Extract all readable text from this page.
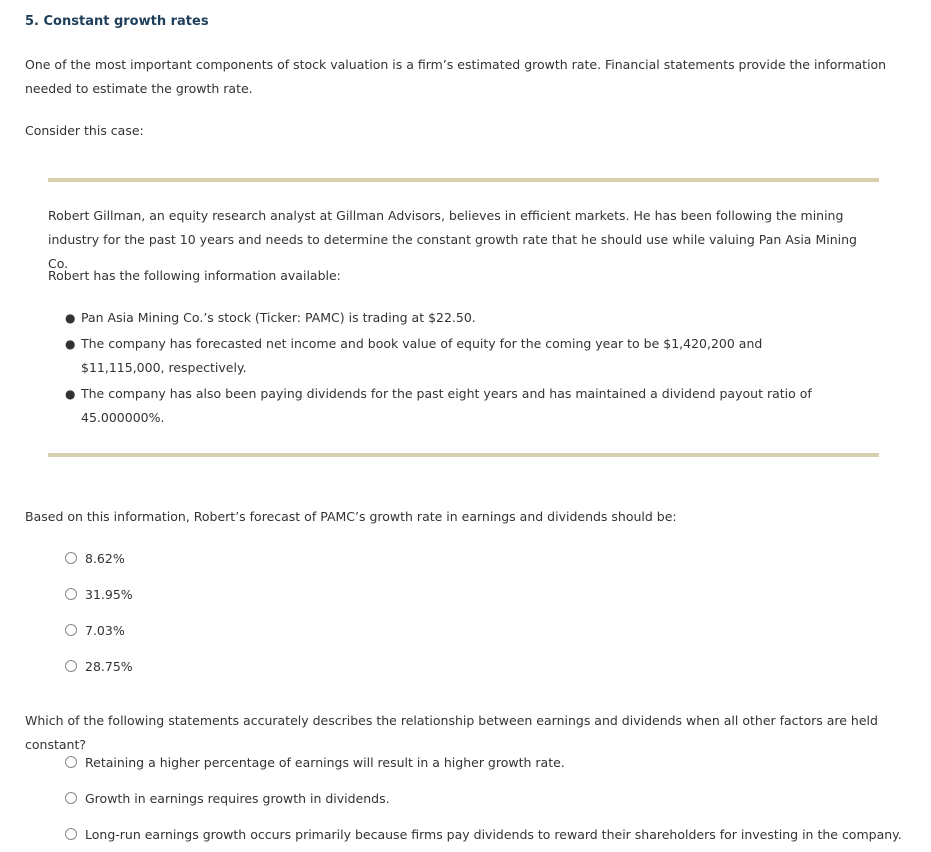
5. Constant growth rates

One of the most important components of stock valuation is a firm’s estimated growth rate. Financial statements provide the information needed to estimate the growth rate.

Consider this case:

Robert Gillman, an equity research analyst at Gillman Advisors, believes in efficient markets. He has been following the mining industry for the past 10 years and needs to determine the constant growth rate that he should use while valuing Pan Asia Mining Co.

Robert has the following information available:

● Pan Asia Mining Co.’s stock (Ticker: PAMC) is trading at $22.50.
● The company has forecasted net income and book value of equity for the coming year to be $1,420,200 and $11,115,000, respectively.
● The company has also been paying dividends for the past eight years and has maintained a dividend payout ratio of 45.000000%.

Based on this information, Robert’s forecast of PAMC’s growth rate in earnings and dividends should be:

8.62%
31.95%
7.03%
28.75%

Which of the following statements accurately describes the relationship between earnings and dividends when all other factors are held constant?

Retaining a higher percentage of earnings will result in a higher growth rate.
Growth in earnings requires growth in dividends.
Long-run earnings growth occurs primarily because firms pay dividends to reward their shareholders for investing in the company.
